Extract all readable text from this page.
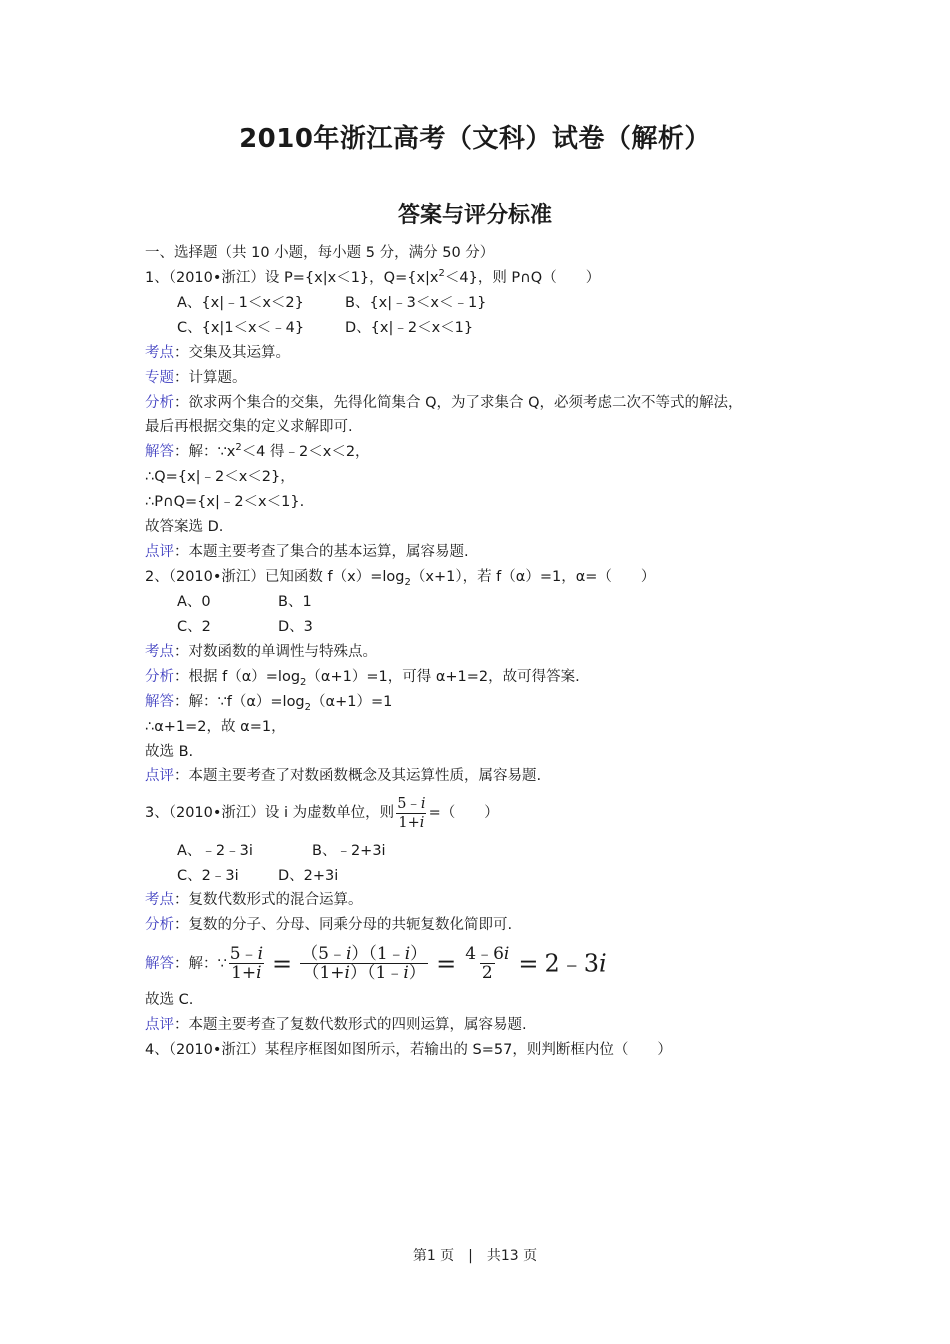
2010年浙江高考（文科）试卷（解析）
答案与评分标准
一、选择题（共 10 小题，每小题 5 分，满分 50 分）
1、（2010•浙江）设 P={x|x＜1}，$Q=\{x|x^2<4\}$，则 P∩Q（　　）
A、{x|﹣1＜x＜2}	B、{x|﹣3＜x＜﹣1}
C、{x|1＜x＜﹣4}	D、{x|﹣2＜x＜1}
考点：交集及其运算。
专题：计算题。
分析：欲求两个集合的交集，先得化简集合 Q，为了求集合 Q，必须考虑二次不等式的解法，
最后再根据交集的定义求解即可.
解答：解：$\because x^2<4$ 得﹣2＜x＜2，
∴Q={x|﹣2＜x＜2}，
∴P∩Q={x|﹣2＜x＜1}.
故答案选 D.
点评：本题主要考查了集合的基本运算，属容易题.
2、（2010•浙江）已知函数 $f(x)=\log_2(x+1)$，若 f（α）=1，α=（　　）
A、0	B、1
C、2	D、3
考点：对数函数的单调性与特殊点。
分析：根据 $f(\alpha)=\log_2(\alpha+1)=1$，可得 α+1=2，故可得答案.
解答：解：$\because f(\alpha)=\log_2(\alpha+1)=1$
∴α+1=2，故 α=1，
故选 B.
点评：本题主要考查了对数函数概念及其运算性质，属容易题.
3、（2010•浙江）设 i 为虚数单位，则 $\frac{5﹣i}{1+i}$ =（　　）
A、﹣2﹣3i	B、﹣2+3i
C、2﹣3i	D、2+3i
考点：复数代数形式的混合运算。
分析：复数的分子、分母、同乘分母的共轭复数化简即可.
解答：解：∵ $\frac{5﹣i}{1+i} = \frac{(5﹣i)(1﹣i)}{(1+i)(1﹣i)} = \frac{4﹣6i}{2}$ = 2﹣3i
故选 C.
点评：本题主要考查了复数代数形式的四则运算，属容易题.
4、（2010•浙江）某程序框图如图所示，若输出的 S=57，则判断框内位（　　）
第1 页　|　共13 页
